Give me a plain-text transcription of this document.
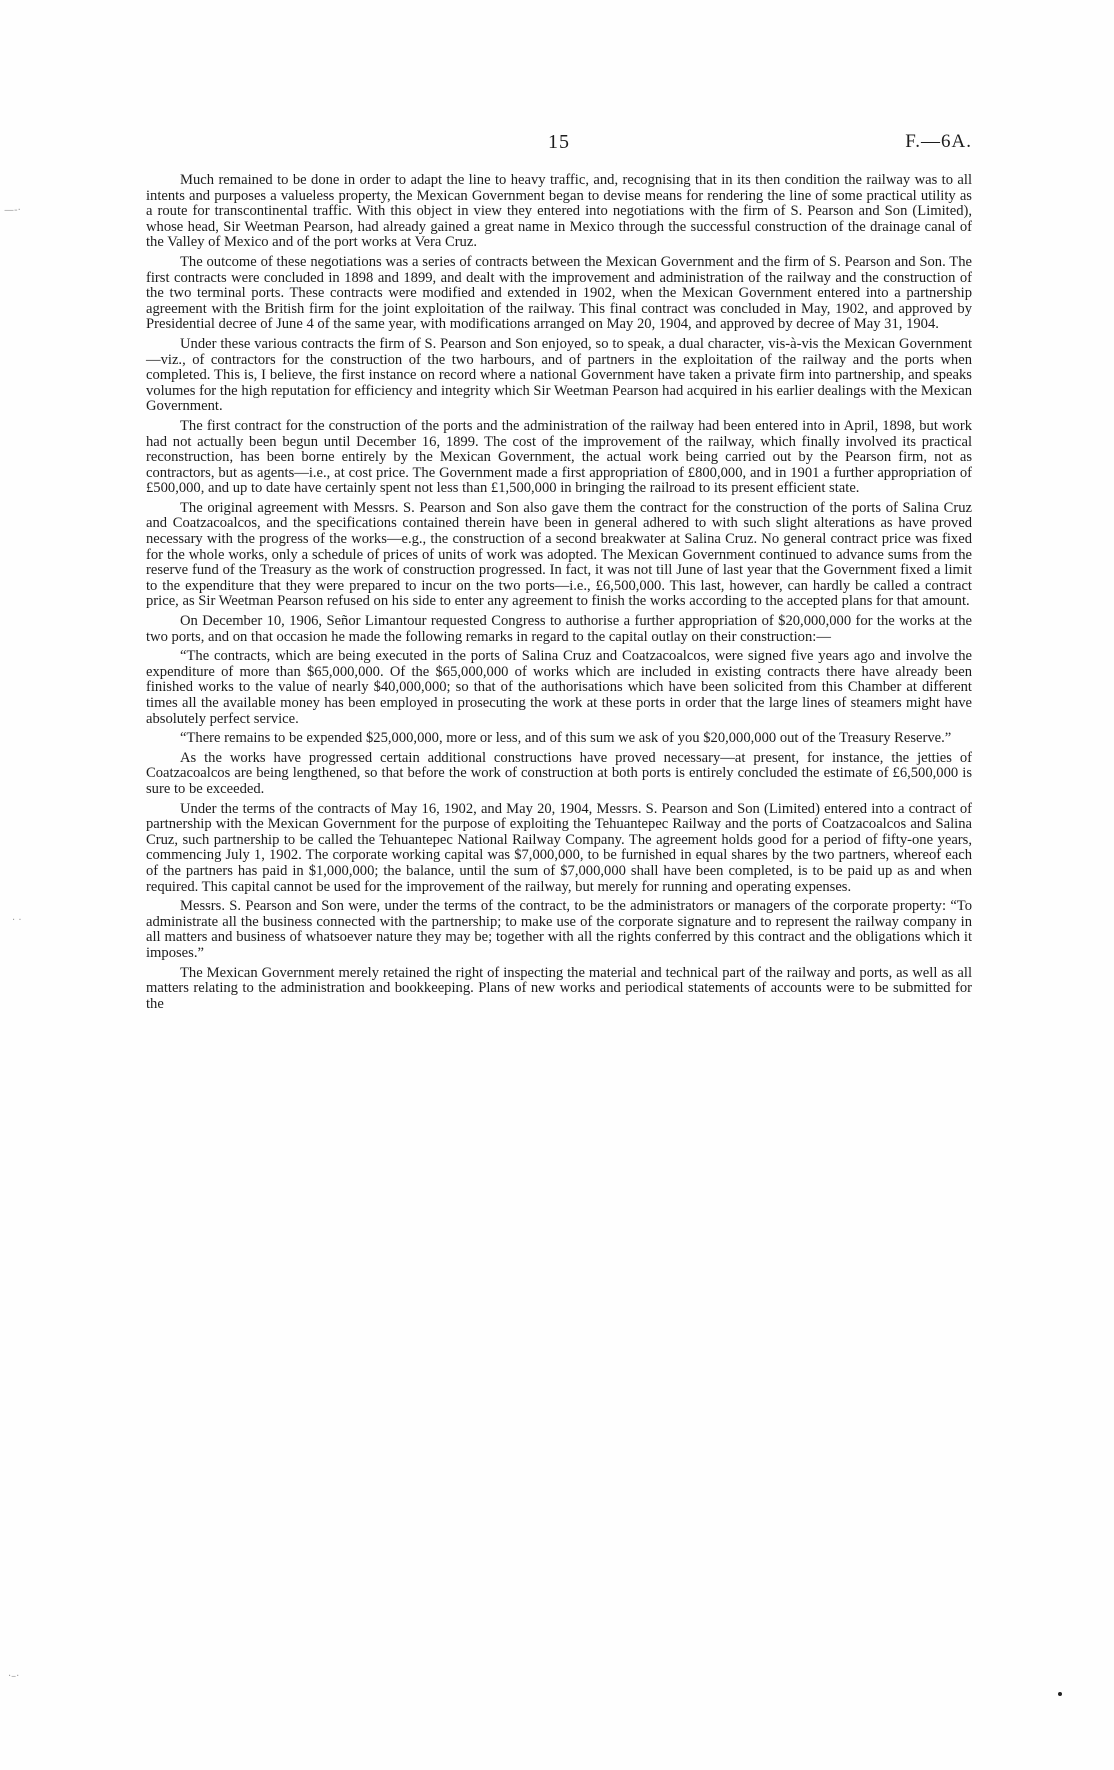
15	F.—6A.

Much remained to be done in order to adapt the line to heavy traffic, and, recognising that in its then condition the railway was to all intents and purposes a valueless property, the Mexican Government began to devise means for rendering the line of some practical utility as a route for transcontinental traffic. With this object in view they entered into negotiations with the firm of S. Pearson and Son (Limited), whose head, Sir Weetman Pearson, had already gained a great name in Mexico through the successful construction of the drainage canal of the Valley of Mexico and of the port works at Vera Cruz.

The outcome of these negotiations was a series of contracts between the Mexican Government and the firm of S. Pearson and Son. The first contracts were concluded in 1898 and 1899, and dealt with the improvement and administration of the railway and the construction of the two terminal ports. These contracts were modified and extended in 1902, when the Mexican Government entered into a partnership agreement with the British firm for the joint exploitation of the railway. This final contract was concluded in May, 1902, and approved by Presidential decree of June 4 of the same year, with modifications arranged on May 20, 1904, and approved by decree of May 31, 1904.

Under these various contracts the firm of S. Pearson and Son enjoyed, so to speak, a dual character, vis-à-vis the Mexican Government—viz., of contractors for the construction of the two harbours, and of partners in the exploitation of the railway and the ports when completed. This is, I believe, the first instance on record where a national Government have taken a private firm into partnership, and speaks volumes for the high reputation for efficiency and integrity which Sir Weetman Pearson had acquired in his earlier dealings with the Mexican Government.

The first contract for the construction of the ports and the administration of the railway had been entered into in April, 1898, but work had not actually been begun until December 16, 1899. The cost of the improvement of the railway, which finally involved its practical reconstruction, has been borne entirely by the Mexican Government, the actual work being carried out by the Pearson firm, not as contractors, but as agents—i.e., at cost price. The Government made a first appropriation of £800,000, and in 1901 a further appropriation of £500,000, and up to date have certainly spent not less than £1,500,000 in bringing the railroad to its present efficient state.

The original agreement with Messrs. S. Pearson and Son also gave them the contract for the construction of the ports of Salina Cruz and Coatzacoalcos, and the specifications contained therein have been in general adhered to with such slight alterations as have proved necessary with the progress of the works—e.g., the construction of a second breakwater at Salina Cruz. No general contract price was fixed for the whole works, only a schedule of prices of units of work was adopted. The Mexican Government continued to advance sums from the reserve fund of the Treasury as the work of construction progressed. In fact, it was not till June of last year that the Government fixed a limit to the expenditure that they were prepared to incur on the two ports—i.e., £6,500,000. This last, however, can hardly be called a contract price, as Sir Weetman Pearson refused on his side to enter any agreement to finish the works according to the accepted plans for that amount.

On December 10, 1906, Señor Limantour requested Congress to authorise a further appropriation of $20,000,000 for the works at the two ports, and on that occasion he made the following remarks in regard to the capital outlay on their construction:—

“The contracts, which are being executed in the ports of Salina Cruz and Coatzacoalcos, were signed five years ago and involve the expenditure of more than $65,000,000. Of the $65,000,000 of works which are included in existing contracts there have already been finished works to the value of nearly $40,000,000; so that of the authorisations which have been solicited from this Chamber at different times all the available money has been employed in prosecuting the work at these ports in order that the large lines of steamers might have absolutely perfect service.

“There remains to be expended $25,000,000, more or less, and of this sum we ask of you $20,000,000 out of the Treasury Reserve.”

As the works have progressed certain additional constructions have proved necessary—at present, for instance, the jetties of Coatzacoalcos are being lengthened, so that before the work of construction at both ports is entirely concluded the estimate of £6,500,000 is sure to be exceeded.

Under the terms of the contracts of May 16, 1902, and May 20, 1904, Messrs. S. Pearson and Son (Limited) entered into a contract of partnership with the Mexican Government for the purpose of exploiting the Tehuantepec Railway and the ports of Coatzacoalcos and Salina Cruz, such partnership to be called the Tehuantepec National Railway Company. The agreement holds good for a period of fifty-one years, commencing July 1, 1902. The corporate working capital was $7,000,000, to be furnished in equal shares by the two partners, whereof each of the partners has paid in $1,000,000; the balance, until the sum of $7,000,000 shall have been completed, is to be paid up as and when required. This capital cannot be used for the improvement of the railway, but merely for running and operating expenses.

Messrs. S. Pearson and Son were, under the terms of the contract, to be the administrators or managers of the corporate property: “To administrate all the business connected with the partnership; to make use of the corporate signature and to represent the railway company in all matters and business of whatsoever nature they may be; together with all the rights conferred by this contract and the obligations which it imposes.”

The Mexican Government merely retained the right of inspecting the material and technical part of the railway and ports, as well as all matters relating to the administration and bookkeeping. Plans of new works and periodical statements of accounts were to be submitted for the

—-·
· ·
·–·
